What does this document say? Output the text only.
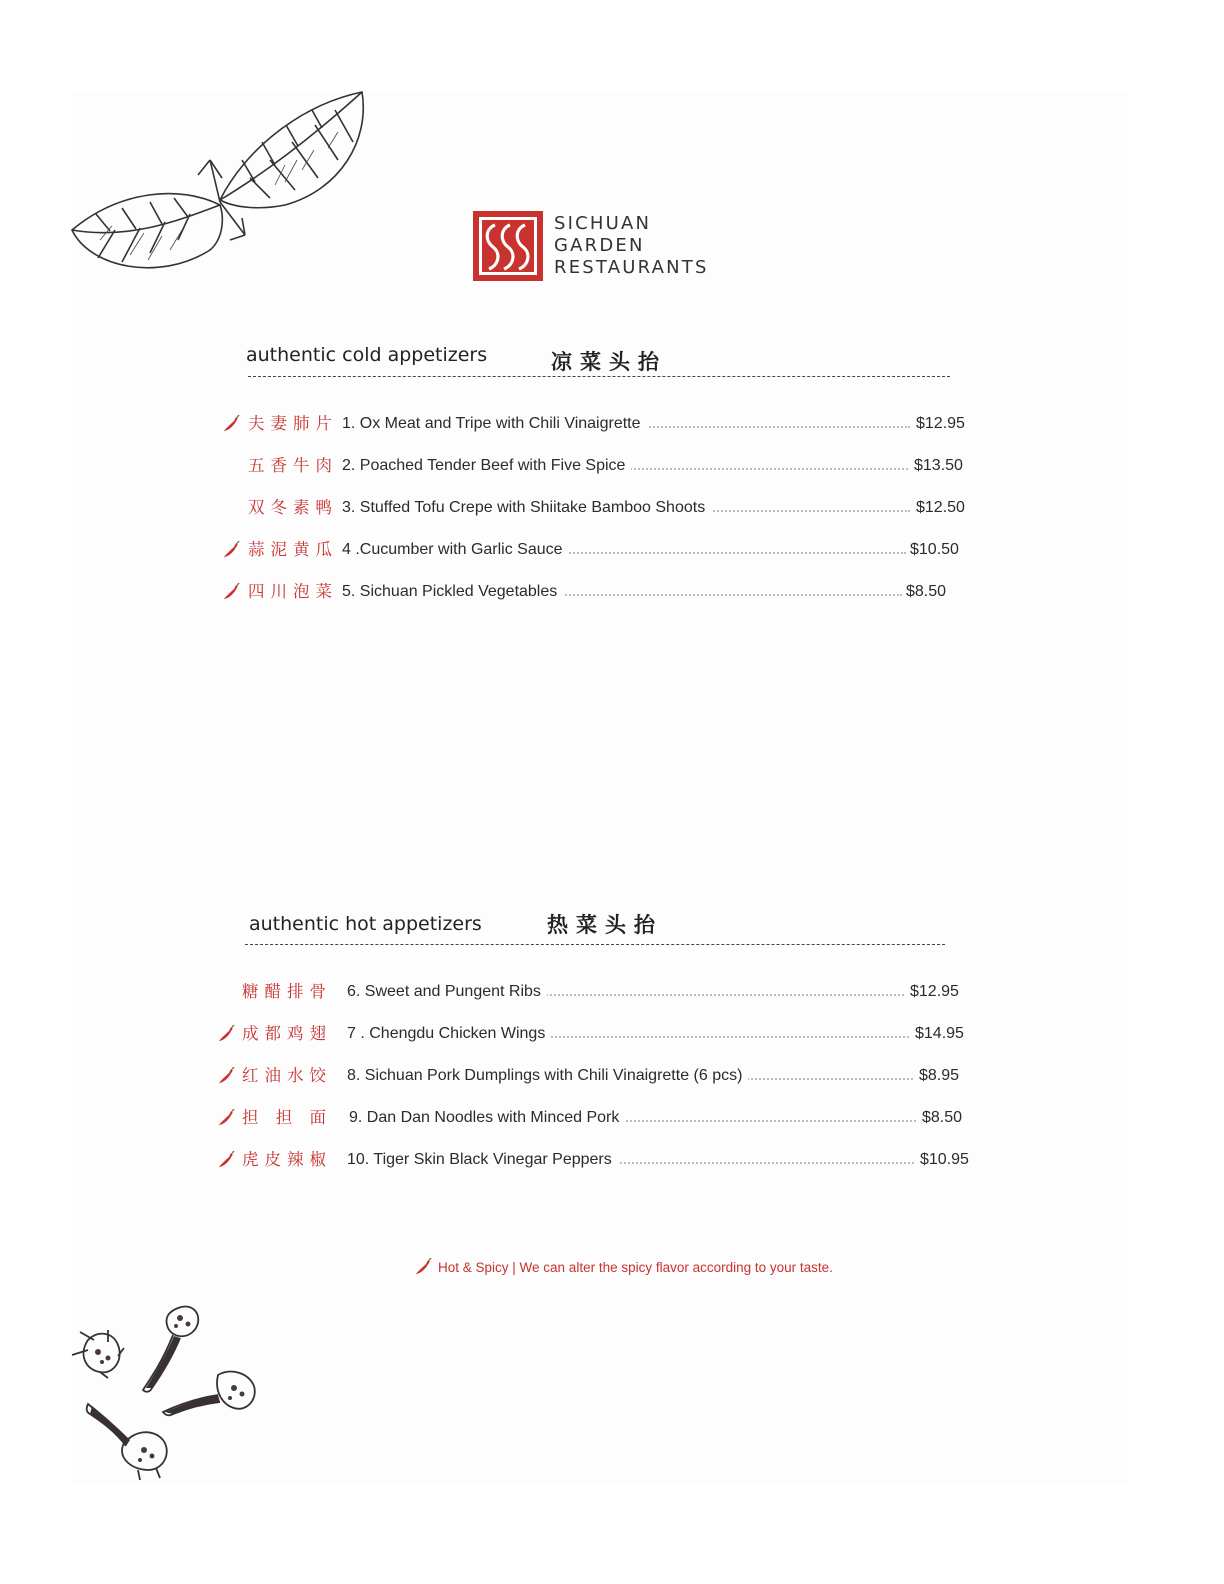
SICHUAN
GARDEN
RESTAURANTS
authentic cold appetizers	凉菜头抬
夫妻肺片 1. Ox Meat and Tripe with Chili Vinaigrette	$12.95
五香牛肉 2. Poached Tender Beef with Five Spice	$13.50
双冬素鸭 3. Stuffed Tofu Crepe with Shiitake Bamboo Shoots	$12.50
蒜泥黄瓜 4 .Cucumber with Garlic Sauce	$10.50
四川泡菜 5. Sichuan Pickled Vegetables	$8.50
authentic hot appetizers	热菜头抬
糖醋排骨 6. Sweet and Pungent Ribs	$12.95
成都鸡翅 7 . Chengdu Chicken Wings	$14.95
红油水饺 8. Sichuan Pork Dumplings with Chili Vinaigrette (6 pcs)	$8.95
担 担 面 9. Dan Dan Noodles with Minced Pork	$8.50
虎皮辣椒 10. Tiger Skin Black Vinegar Peppers	$10.95
Hot & Spicy | We can alter the spicy flavor according to your taste.
